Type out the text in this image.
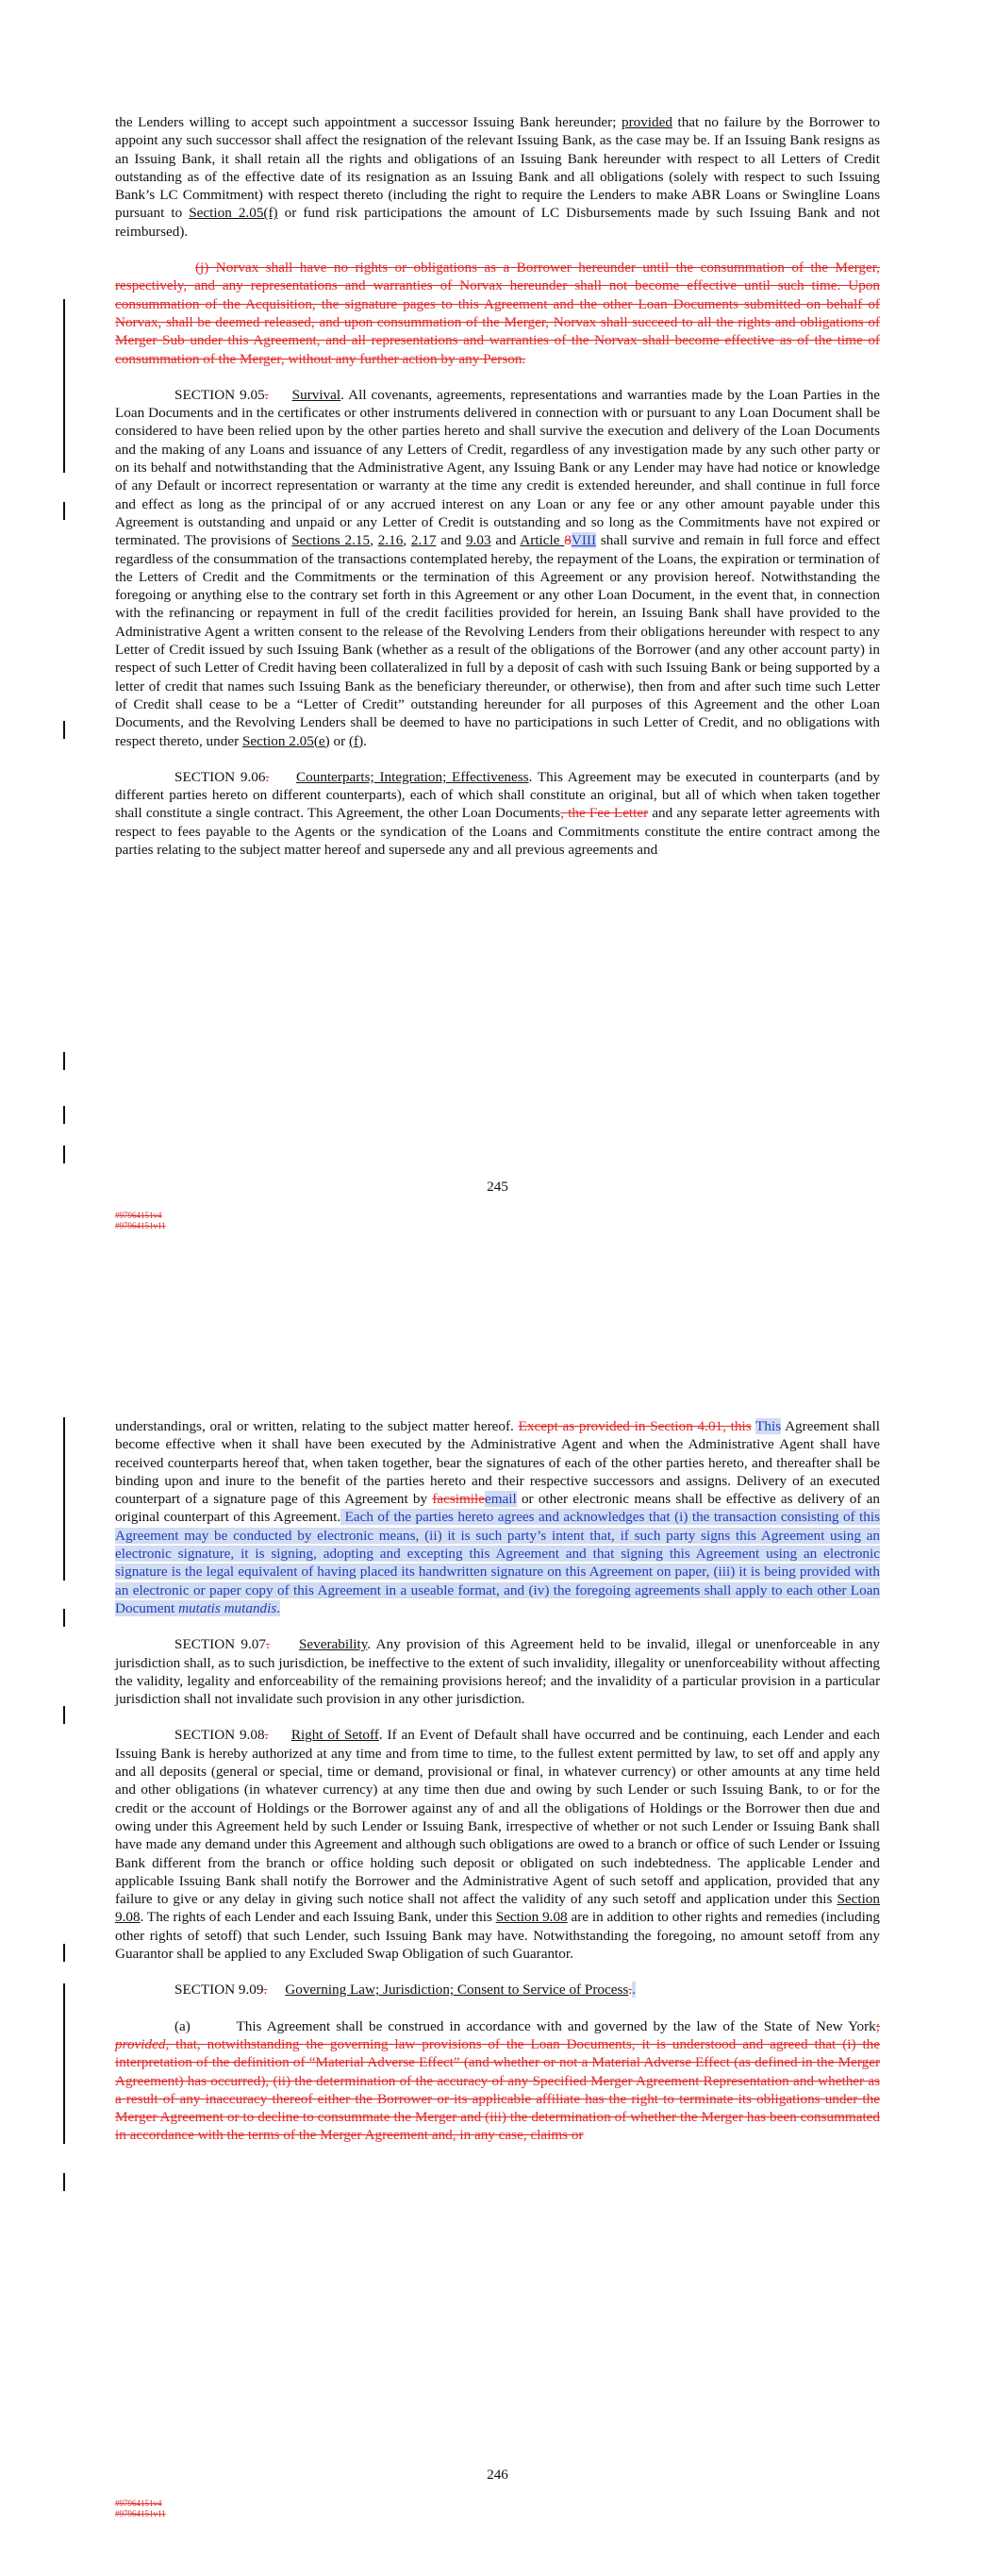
the Lenders willing to accept such appointment a successor Issuing Bank hereunder; provided that no failure by the Borrower to appoint any such successor shall affect the resignation of the relevant Issuing Bank, as the case may be. If an Issuing Bank resigns as an Issuing Bank, it shall retain all the rights and obligations of an Issuing Bank hereunder with respect to all Letters of Credit outstanding as of the effective date of its resignation as an Issuing Bank and all obligations (solely with respect to such Issuing Bank’s LC Commitment) with respect thereto (including the right to require the Lenders to make ABR Loans or Swingline Loans pursuant to Section 2.05(f) or fund risk participations the amount of LC Disbursements made by such Issuing Bank and not reimbursed).

(j) Norvax shall have no rights or obligations as a Borrower hereunder until the consummation of the Merger, respectively, and any representations and warranties of Norvax hereunder shall not become effective until such time. Upon consummation of the Acquisition, the signature pages to this Agreement and the other Loan Documents submitted on behalf of Norvax, shall be deemed released, and upon consummation of the Merger, Norvax shall succeed to all the rights and obligations of Merger Sub under this Agreement, and all representations and warranties of the Norvax shall become effective as of the time of consummation of the Merger, without any further action by any Person.

SECTION 9.05. Survival. All covenants, agreements, representations and warranties made by the Loan Parties in the Loan Documents and in the certificates or other instruments delivered in connection with or pursuant to any Loan Document shall be considered to have been relied upon by the other parties hereto and shall survive the execution and delivery of the Loan Documents and the making of any Loans and issuance of any Letters of Credit, regardless of any investigation made by any such other party or on its behalf and notwithstanding that the Administrative Agent, any Issuing Bank or any Lender may have had notice or knowledge of any Default or incorrect representation or warranty at the time any credit is extended hereunder, and shall continue in full force and effect as long as the principal of or any accrued interest on any Loan or any fee or any other amount payable under this Agreement is outstanding and unpaid or any Letter of Credit is outstanding and so long as the Commitments have not expired or terminated. The provisions of Sections 2.15, 2.16, 2.17 and 9.03 and Article 8VIII shall survive and remain in full force and effect regardless of the consummation of the transactions contemplated hereby, the repayment of the Loans, the expiration or termination of the Letters of Credit and the Commitments or the termination of this Agreement or any provision hereof. Notwithstanding the foregoing or anything else to the contrary set forth in this Agreement or any other Loan Document, in the event that, in connection with the refinancing or repayment in full of the credit facilities provided for herein, an Issuing Bank shall have provided to the Administrative Agent a written consent to the release of the Revolving Lenders from their obligations hereunder with respect to any Letter of Credit issued by such Issuing Bank (whether as a result of the obligations of the Borrower (and any other account party) in respect of such Letter of Credit having been collateralized in full by a deposit of cash with such Issuing Bank or being supported by a letter of credit that names such Issuing Bank as the beneficiary thereunder, or otherwise), then from and after such time such Letter of Credit shall cease to be a “Letter of Credit” outstanding hereunder for all purposes of this Agreement and the other Loan Documents, and the Revolving Lenders shall be deemed to have no participations in such Letter of Credit, and no obligations with respect thereto, under Section 2.05(e) or (f).

SECTION 9.06. Counterparts; Integration; Effectiveness. This Agreement may be executed in counterparts (and by different parties hereto on different counterparts), each of which shall constitute an original, but all of which when taken together shall constitute a single contract. This Agreement, the other Loan Documents, the Fee Letter and any separate letter agreements with respect to fees payable to the Agents or the syndication of the Loans and Commitments constitute the entire contract among the parties relating to the subject matter hereof and supersede any and all previous agreements and

245
#97964151v4
#97964151v11

understandings, oral or written, relating to the subject matter hereof. Except as provided in Section 4.01, this This Agreement shall become effective when it shall have been executed by the Administrative Agent and when the Administrative Agent shall have received counterparts hereof that, when taken together, bear the signatures of each of the other parties hereto, and thereafter shall be binding upon and inure to the benefit of the parties hereto and their respective successors and assigns. Delivery of an executed counterpart of a signature page of this Agreement by facsimileemail or other electronic means shall be effective as delivery of an original counterpart of this Agreement. Each of the parties hereto agrees and acknowledges that (i) the transaction consisting of this Agreement may be conducted by electronic means, (ii) it is such party’s intent that, if such party signs this Agreement using an electronic signature, it is signing, adopting and excepting this Agreement and that signing this Agreement using an electronic signature is the legal equivalent of having placed its handwritten signature on this Agreement on paper, (iii) it is being provided with an electronic or paper copy of this Agreement in a useable format, and (iv) the foregoing agreements shall apply to each other Loan Document mutatis mutandis.

SECTION 9.07. Severability. Any provision of this Agreement held to be invalid, illegal or unenforceable in any jurisdiction shall, as to such jurisdiction, be ineffective to the extent of such invalidity, illegality or unenforceability without affecting the validity, legality and enforceability of the remaining provisions hereof; and the invalidity of a particular provision in a particular jurisdiction shall not invalidate such provision in any other jurisdiction.

SECTION 9.08. Right of Setoff. If an Event of Default shall have occurred and be continuing, each Lender and each Issuing Bank is hereby authorized at any time and from time to time, to the fullest extent permitted by law, to set off and apply any and all deposits (general or special, time or demand, provisional or final, in whatever currency) or other amounts at any time held and other obligations (in whatever currency) at any time then due and owing by such Lender or such Issuing Bank, to or for the credit or the account of Holdings or the Borrower against any of and all the obligations of Holdings or the Borrower then due and owing under this Agreement held by such Lender or Issuing Bank, irrespective of whether or not such Lender or Issuing Bank shall have made any demand under this Agreement and although such obligations are owed to a branch or office of such Lender or Issuing Bank different from the branch or office holding such deposit or obligated on such indebtedness. The applicable Lender and applicable Issuing Bank shall notify the Borrower and the Administrative Agent of such setoff and application, provided that any failure to give or any delay in giving such notice shall not affect the validity of any such setoff and application under this Section 9.08. The rights of each Lender and each Issuing Bank, under this Section 9.08 are in addition to other rights and remedies (including other rights of setoff) that such Lender, such Issuing Bank may have. Notwithstanding the foregoing, no amount setoff from any Guarantor shall be applied to any Excluded Swap Obligation of such Guarantor.

SECTION 9.09. Governing Law; Jurisdiction; Consent to Service of Process..

(a)	This Agreement shall be construed in accordance with and governed by the law of the State of New York; provided, that, notwithstanding the governing law provisions of the Loan Documents, it is understood and agreed that (i) the interpretation of the definition of “Material Adverse Effect” (and whether or not a Material Adverse Effect (as defined in the Merger Agreement) has occurred), (ii) the determination of the accuracy of any Specified Merger Agreement Representation and whether as a result of any inaccuracy thereof either the Borrower or its applicable affiliate has the right to terminate its obligations under the Merger Agreement or to decline to consummate the Merger and (iii) the determination of whether the Merger has been consummated in accordance with the terms of the Merger Agreement and, in any case, claims or

246
#97964151v4
#97964151v11
